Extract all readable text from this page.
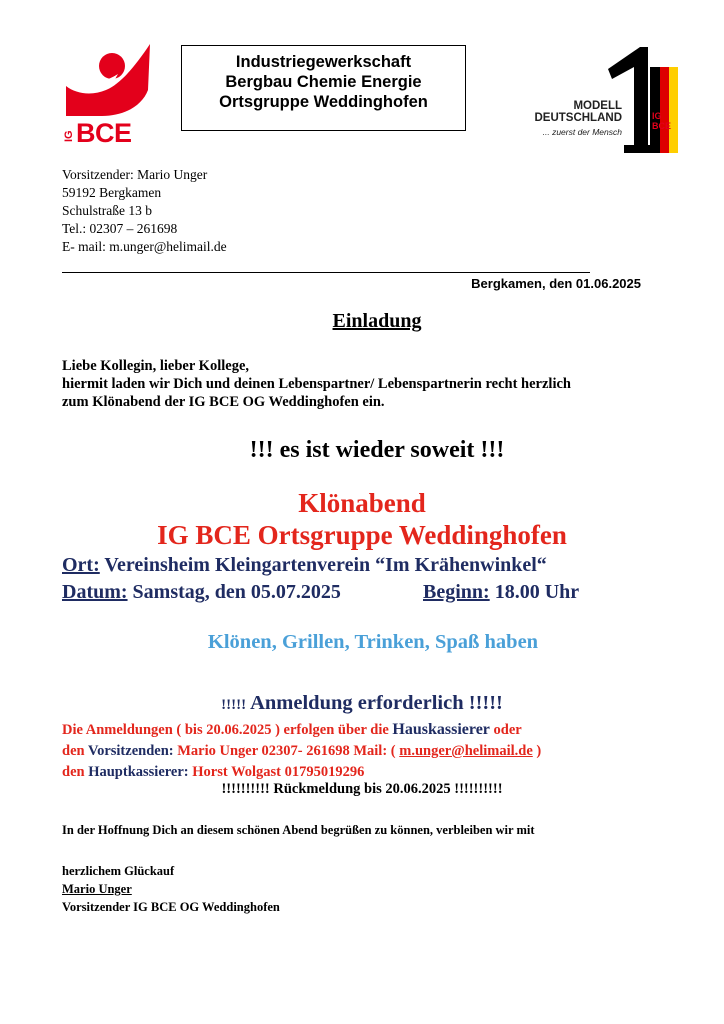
IGBCE
Industriegewerkschaft
Bergbau Chemie Energie
Ortsgruppe Weddinghofen	MODELL
DEUTSCHLAND
... zuerst der Mensch
IG BCE
Vorsitzender: Mario Unger
59192 Bergkamen
Schulstraße 13 b
Tel.: 02307 – 261698
E- mail: m.unger@helimail.de
Bergkamen, den 01.06.2025
Einladung
Liebe Kollegin, lieber Kollege,
hiermit laden wir Dich und deinen Lebenspartner/ Lebenspartnerin recht herzlich
zum Klönabend der IG BCE OG Weddinghofen ein.
!!! es ist wieder soweit !!!
Klönabend
IG BCE Ortsgruppe Weddinghofen
Ort: Vereinsheim Kleingartenverein “Im Krähenwinkel“
Datum: Samstag, den 05.07.2025	Beginn: 18.00 Uhr
Klönen, Grillen, Trinken, Spaß haben
!!!!! Anmeldung erforderlich !!!!!
Die Anmeldungen ( bis 20.06.2025 ) erfolgen über die Hauskassierer oder
den Vorsitzenden: Mario Unger 02307- 261698 Mail: ( m.unger@helimail.de )
den Hauptkassierer: Horst Wolgast 01795019296
!!!!!!!!!! Rückmeldung bis 20.06.2025 !!!!!!!!!!
In der Hoffnung Dich an diesem schönen Abend begrüßen zu können, verbleiben wir mit
herzlichem Glückauf
Mario Unger
Vorsitzender IG BCE OG Weddinghofen
